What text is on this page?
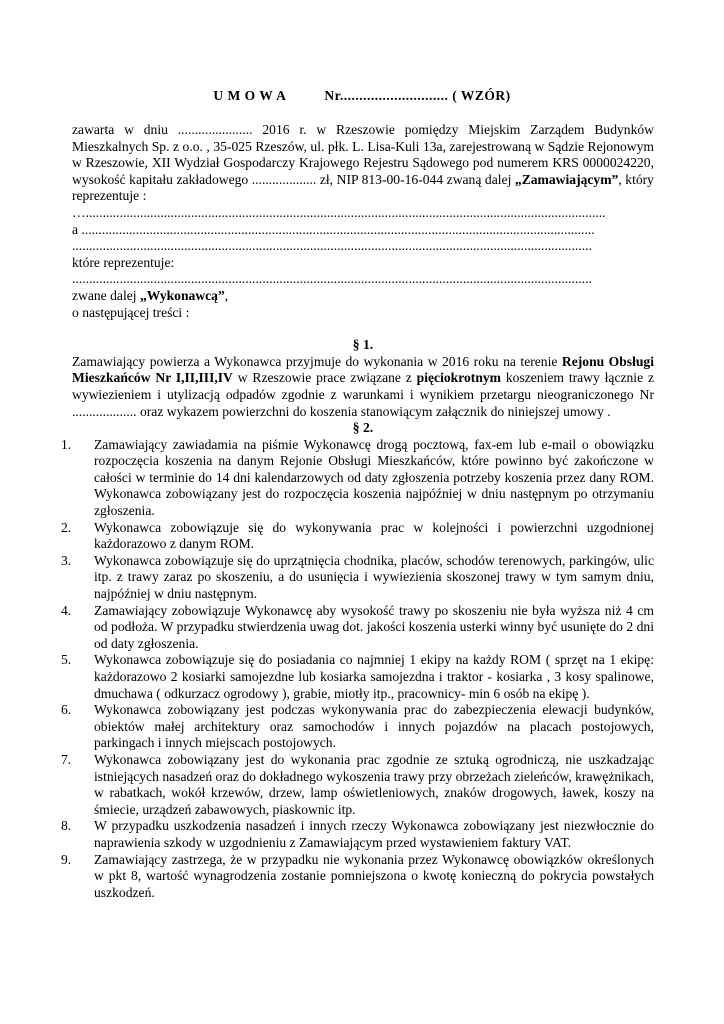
U M O W A	Nr............................ ( WZÓR)

zawarta w dniu ...................... 2016 r. w Rzeszowie pomiędzy Miejskim Zarządem Budynków Mieszkalnych Sp. z o.o. , 35-025 Rzeszów, ul. płk. L. Lisa-Kuli 13a, zarejestrowaną w Sądzie Rejonowym w Rzeszowie, XII Wydział Gospodarczy Krajowego Rejestru Sądowego pod numerem KRS 0000024220, wysokość kapitału zakładowego ................... zł, NIP 813-00-16-044 zwaną dalej „Zamawiającym”, który reprezentuje :

….........................................................................................................................................................

a .......................................................................................................................................................

.........................................................................................................................................................

które reprezentuje:

.........................................................................................................................................................

zwane dalej „Wykonawcą”,

o następującej treści :

§ 1.

Zamawiający powierza a Wykonawca przyjmuje do wykonania w 2016 roku na terenie Rejonu Obsługi Mieszkańców Nr I,II,III,IV w Rzeszowie prace związane z pięciokrotnym koszeniem trawy łącznie z wywiezieniem i utylizacją odpadów zgodnie z warunkami i wynikiem przetargu nieograniczonego Nr ................... oraz wykazem powierzchni do koszenia stanowiącym załącznik do niniejszej umowy .

§ 2.

1.	Zamawiający zawiadamia na piśmie Wykonawcę drogą pocztową, fax-em lub e-mail o obowiązku rozpoczęcia koszenia na danym Rejonie Obsługi Mieszkańców, które powinno być zakończone w całości w terminie do 14 dni kalendarzowych od daty zgłoszenia potrzeby koszenia przez dany ROM. Wykonawca zobowiązany jest do rozpoczęcia koszenia najpóźniej w dniu następnym po otrzymaniu zgłoszenia.
2.	Wykonawca zobowiązuje się do wykonywania prac w kolejności i powierzchni uzgodnionej każdorazowo z danym ROM.
3.	Wykonawca zobowiązuje się do uprzątnięcia chodnika, placów, schodów terenowych, parkingów, ulic itp. z trawy zaraz po skoszeniu, a do usunięcia i wywiezienia skoszonej trawy w tym samym dniu, najpóźniej w dniu następnym.
4.	Zamawiający zobowiązuje Wykonawcę aby wysokość trawy po skoszeniu nie była wyższa niż 4 cm od podłoża. W przypadku stwierdzenia uwag dot. jakości koszenia usterki winny być usunięte do 2 dni od daty zgłoszenia.
5.	Wykonawca zobowiązuje się do posiadania co najmniej 1 ekipy na każdy ROM ( sprzęt na 1 ekipę: każdorazowo 2 kosiarki samojezdne lub kosiarka samojezdna i traktor - kosiarka , 3 kosy spalinowe, dmuchawa ( odkurzacz ogrodowy ), grabie, miotły itp., pracownicy- min 6 osób na ekipę ).
6.	Wykonawca zobowiązany jest podczas wykonywania prac do zabezpieczenia elewacji budynków, obiektów małej architektury oraz samochodów i innych pojazdów na placach postojowych, parkingach i innych miejscach postojowych.
7.	Wykonawca zobowiązany jest do wykonania prac zgodnie ze sztuką ogrodniczą, nie uszkadzając istniejących nasadzeń oraz do dokładnego wykoszenia trawy przy obrzeżach zieleńców, krawężnikach, w rabatkach, wokół krzewów, drzew, lamp oświetleniowych, znaków drogowych, ławek, koszy na śmiecie, urządzeń zabawowych, piaskownic itp.
8.	W przypadku uszkodzenia nasadzeń i innych rzeczy Wykonawca zobowiązany jest niezwłocznie do naprawienia szkody w uzgodnieniu z Zamawiającym przed wystawieniem faktury VAT.
9.	Zamawiający zastrzega, że w przypadku nie wykonania przez Wykonawcę obowiązków określonych w pkt 8, wartość wynagrodzenia zostanie pomniejszona o kwotę konieczną do pokrycia powstałych uszkodzeń.
